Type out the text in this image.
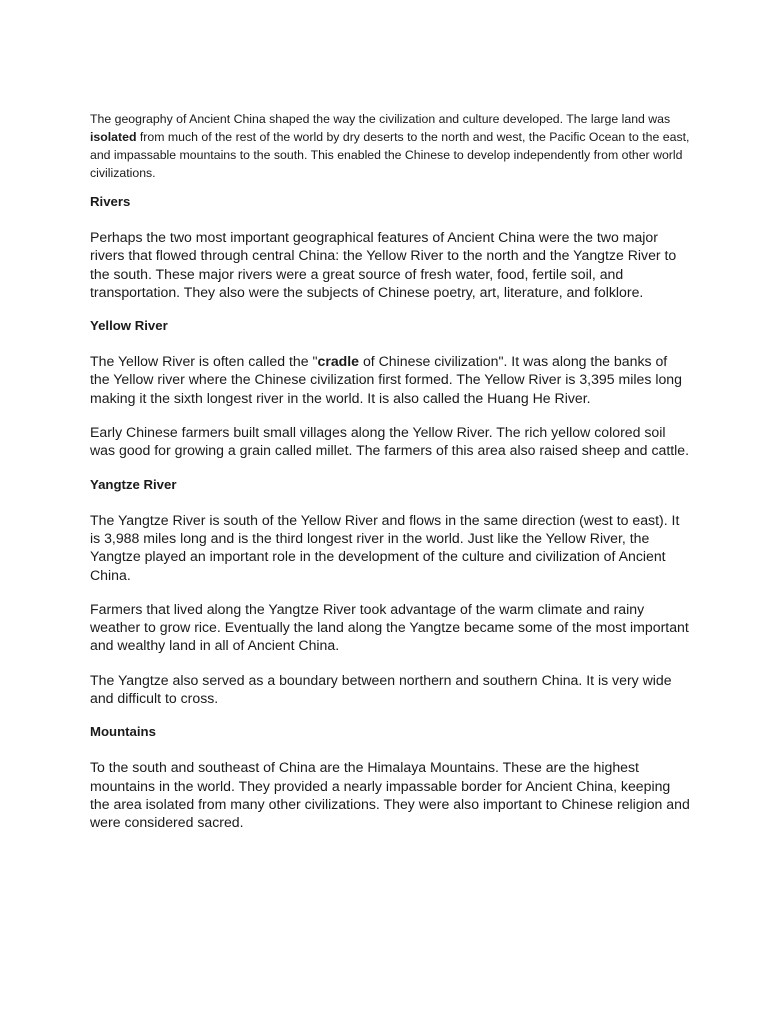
The geography of Ancient China shaped the way the civilization and culture developed. The large land was isolated from much of the rest of the world by dry deserts to the north and west, the Pacific Ocean to the east, and impassable mountains to the south. This enabled the Chinese to develop independently from other world civilizations.

Rivers

Perhaps the two most important geographical features of Ancient China were the two major rivers that flowed through central China: the Yellow River to the north and the Yangtze River to the south. These major rivers were a great source of fresh water, food, fertile soil, and transportation. They also were the subjects of Chinese poetry, art, literature, and folklore.

Yellow River

The Yellow River is often called the "cradle of Chinese civilization". It was along the banks of the Yellow river where the Chinese civilization first formed. The Yellow River is 3,395 miles long making it the sixth longest river in the world. It is also called the Huang He River.

Early Chinese farmers built small villages along the Yellow River. The rich yellow colored soil was good for growing a grain called millet. The farmers of this area also raised sheep and cattle.

Yangtze River

The Yangtze River is south of the Yellow River and flows in the same direction (west to east). It is 3,988 miles long and is the third longest river in the world. Just like the Yellow River, the Yangtze played an important role in the development of the culture and civilization of Ancient China.

Farmers that lived along the Yangtze River took advantage of the warm climate and rainy weather to grow rice. Eventually the land along the Yangtze became some of the most important and wealthy land in all of Ancient China.

The Yangtze also served as a boundary between northern and southern China. It is very wide and difficult to cross.

Mountains

To the south and southeast of China are the Himalaya Mountains. These are the highest mountains in the world. They provided a nearly impassable border for Ancient China, keeping the area isolated from many other civilizations. They were also important to Chinese religion and were considered sacred.
